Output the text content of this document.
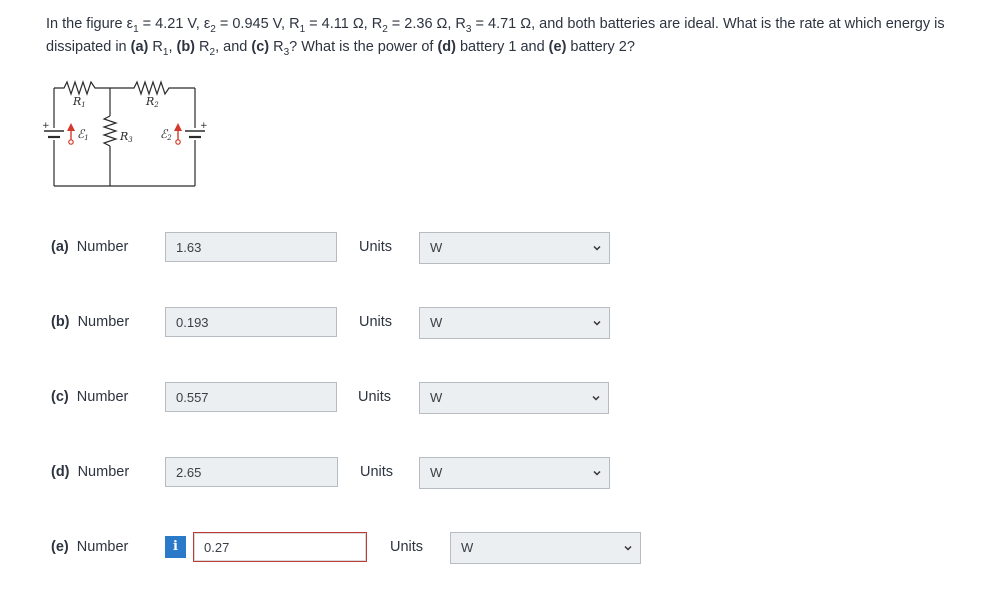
In the figure $\varepsilon_1 = 4.21$ V, $\varepsilon_2 = 0.945$ V, $R_1 = 4.11$ Ω, $R_2 = 2.36$ Ω, $R_3 = 4.71$ Ω, and both batteries are ideal. What is the rate at which energy is dissipated in (a) $R_1$, (b) $R_2$, and (c) $R_3$? What is the power of (d) battery 1 and (e) battery 2?
+	+
R1	R2
R3
ℰ1	ℰ2
(a) Number	1.63	Units	W
(b) Number	0.193	Units	W
(c) Number	0.557	Units	W
(d) Number	2.65	Units	W
(e) Number	i	0.27	Units	W
